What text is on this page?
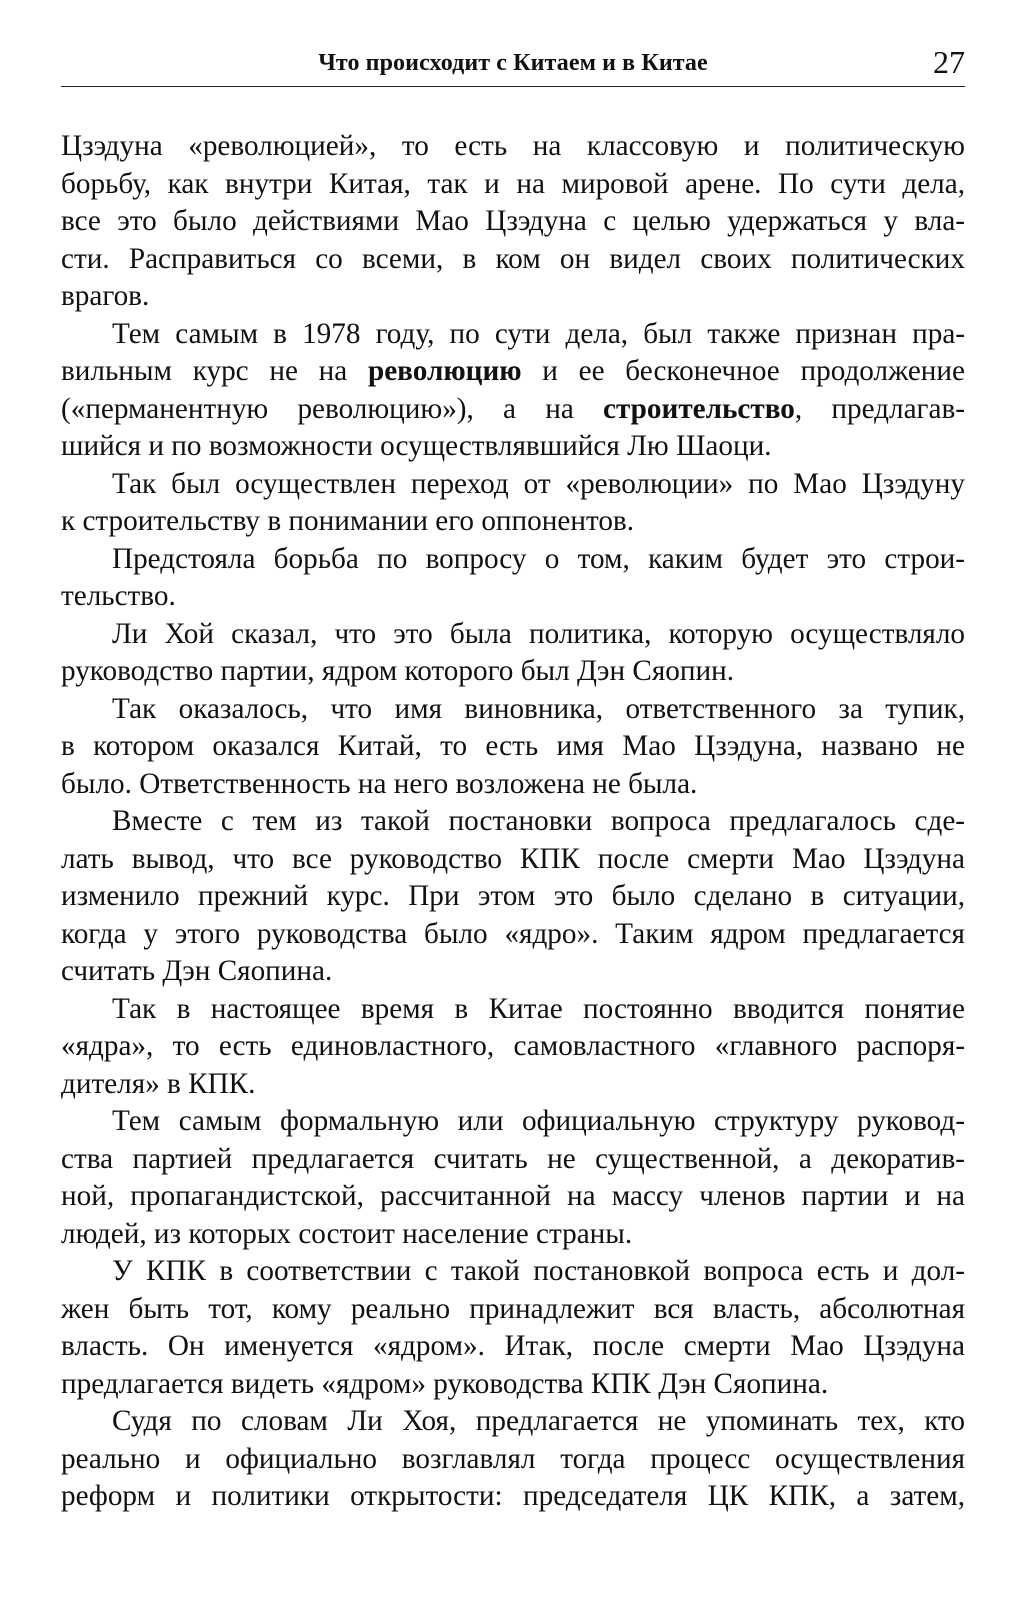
Что происходит с Китаем и в Китае	27
Цзэдуна «революцией», то есть на классовую и политическую
борьбу, как внутри Китая, так и на мировой арене. По сути дела,
все это было действиями Мао Цзэдуна с целью удержаться у вла-
сти. Расправиться со всеми, в ком он видел своих политических
врагов.
Тем самым в 1978 году, по сути дела, был также признан пра-
вильным курс не на революцию и ее бесконечное продолжение
(«перманентную революцию»), а на строительство, предлагав-
шийся и по возможности осуществлявшийся Лю Шаоци.
Так был осуществлен переход от «революции» по Мао Цзэдуну
к строительству в понимании его оппонентов.
Предстояла борьба по вопросу о том, каким будет это строи-
тельство.
Ли Хой сказал, что это была политика, которую осуществляло
руководство партии, ядром которого был Дэн Сяопин.
Так оказалось, что имя виновника, ответственного за тупик,
в котором оказался Китай, то есть имя Мао Цзэдуна, названо не
было. Ответственность на него возложена не была.
Вместе с тем из такой постановки вопроса предлагалось сде-
лать вывод, что все руководство КПК после смерти Мао Цзэдуна
изменило прежний курс. При этом это было сделано в ситуации,
когда у этого руководства было «ядро». Таким ядром предлагается
считать Дэн Сяопина.
Так в настоящее время в Китае постоянно вводится понятие
«ядра», то есть единовластного, самовластного «главного распоря-
дителя» в КПК.
Тем самым формальную или официальную структуру руковод-
ства партией предлагается считать не существенной, а декоратив-
ной, пропагандистской, рассчитанной на массу членов партии и на
людей, из которых состоит население страны.
У КПК в соответствии с такой постановкой вопроса есть и дол-
жен быть тот, кому реально принадлежит вся власть, абсолютная
власть. Он именуется «ядром». Итак, после смерти Мао Цзэдуна
предлагается видеть «ядром» руководства КПК Дэн Сяопина.
Судя по словам Ли Хоя, предлагается не упоминать тех, кто
реально и официально возглавлял тогда процесс осуществления
реформ и политики открытости: председателя ЦК КПК, а затем,
